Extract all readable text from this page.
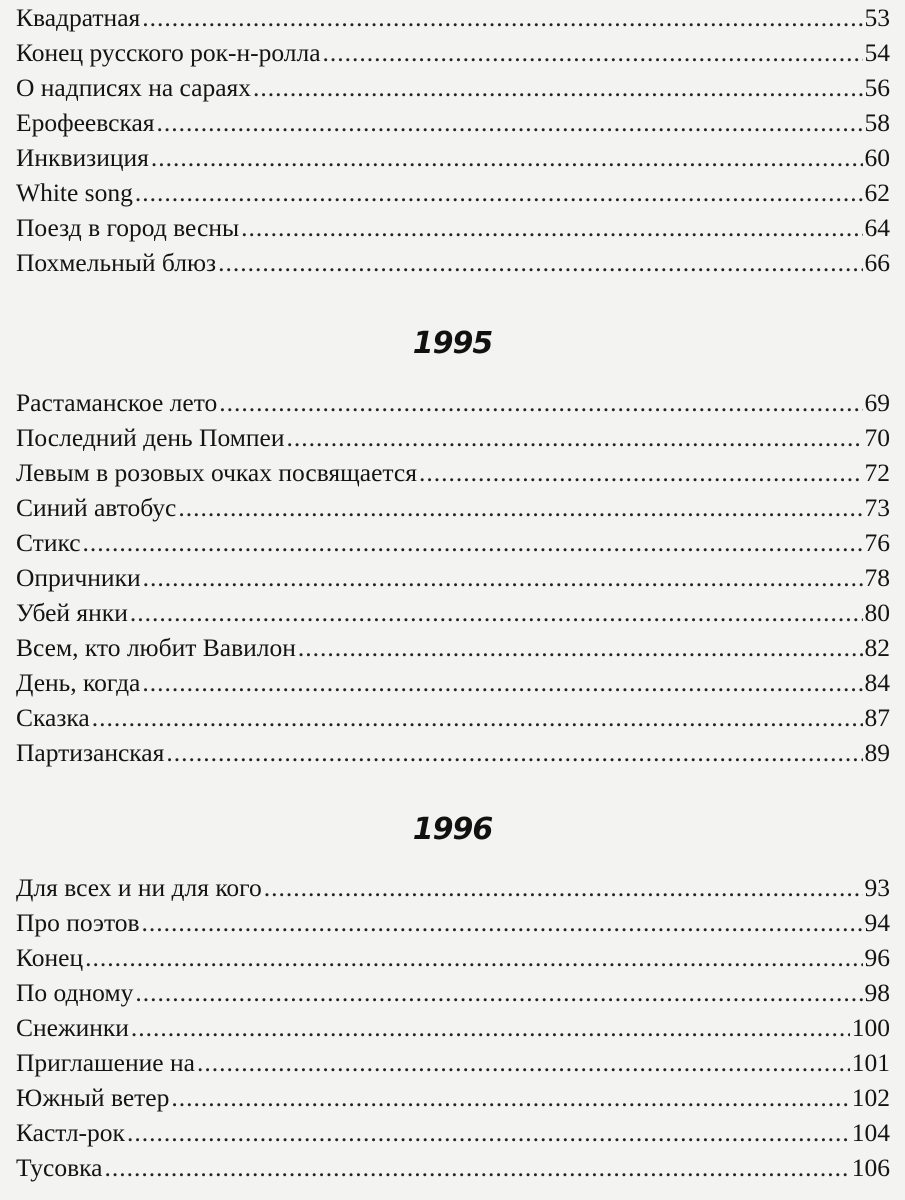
Квадратная .....	53
Конец русского рок-н-ролла .....	54
О надписях на сараях .....	56
Ерофеевская .....	58
Инквизиция .....	60
White song .....	62
Поезд в город весны .....	64
Похмельный блюз .....	66
1995
Растаманское лето .....	69
Последний день Помпеи .....	70
Левым в розовых очках посвящается .....	72
Синий автобус .....	73
Стикс .....	76
Опричники .....	78
Убей янки .....	80
Всем, кто любит Вавилон .....	82
День, когда .....	84
Сказка .....	87
Партизанская .....	89
1996
Для всех и ни для кого .....	93
Про поэтов .....	94
Конец .....	96
По одному .....	98
Снежинки .....	100
Приглашение на .....	101
Южный ветер .....	102
Кастл-рок .....	104
Тусовка .....	106
